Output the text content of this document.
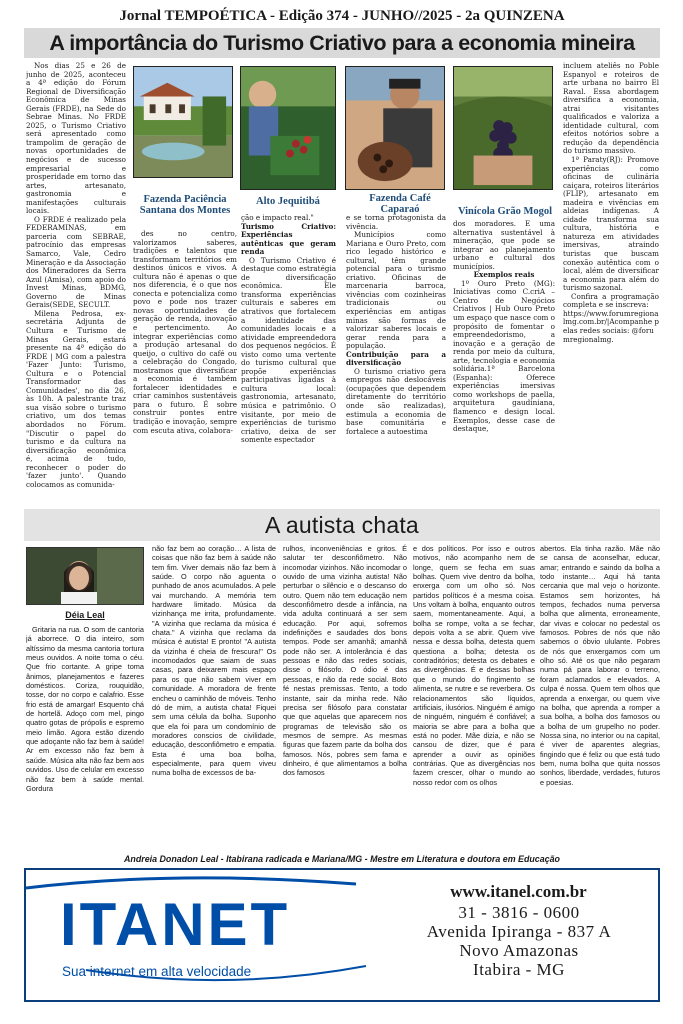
Jornal TEMPOÉTICA - Edição 374 - JUNHO//2025 - 2a QUINZENA
A importância do Turismo Criativo para a economia mineira

Nos dias 25 e 26 de junho de 2025, aconteceu a 4ª edição do Fórum Regional de Diversificação Econômica de Minas Gerais (FRDE), na Sede do Sebrae Minas. No FRDE 2025, o Turismo Criativo será apresentado como trampolim de geração de novas oportunidades de negócios e de sucesso empresarial e prosperidade em torno das artes, artesanato, gastronomia e manifestações culturais locais.

O FRDE é realizado pela FEDERAMINAS, em parceria com SEBRAE, patrocínio das empresas Samarco, Vale, Cedro Mineração e da Associação dos Mineradores da Serra Azul (Amisa), com apoio do Invest Minas, BDMG, Governo de Minas Gerais(SEDE, SECULT.

Milena Pedrosa, ex-secretária Adjunta de Cultura e Turismo de Minas Gerais, estará presente na 4ª edição do FRDE | MG com a palestra 'Fazer Junto: Turismo, Cultura e o Potencial Transformador das Comunidades', no dia 26, às 10h. A palestrante traz sua visão sobre o turismo criativo, um dos temas abordados no Fórum. "Discutir o papel do turismo e da cultura na diversificação econômica é, acima de tudo, reconhecer o poder do 'fazer junto'. Quando colocamos as comunida-

Fazenda Paciência Santana dos Montes
Alto Jequitibá	Fazenda Café Caparaó	Vinícola Grão Mogol

des no centro, valorizamos saberes, tradições e talentos que transformam territórios em destinos únicos e vivos. A cultura não é apenas o que nos diferencia, é o que nos conecta e potencializa como povo e pode nos trazer novas oportunidades de geração de renda, inovação e pertencimento. Ao integrar experiências como a produção artesanal do queijo, o cultivo do café ou a celebração do Congado, mostramos que diversificar a economia é também fortalecer identidades e criar caminhos sustentáveis para o futuro. É sobre construir pontes entre tradição e inovação, sempre com escuta ativa, colabora-

ção e impacto real."

Turismo Criativo: Experiências autênticas que geram renda

O Turismo Criativo é destaque como estratégia de diversificação econômica. Ele transforma experiências culturais e saberes em atrativos que fortalecem a identidade das comunidades locais e a atividade empreendedora dos pequenos negócios. É visto como uma vertente do turismo cultural que propõe experiências participativas ligadas à cultura local: gastronomia, artesanato, música e patrimônio. O visitante, por meio de experiências de turismo criativo, deixa de ser somente espectador

e se torna protagonista da vivência.

Municípios como Mariana e Ouro Preto, com rico legado histórico e cultural, têm grande potencial para o turismo criativo. Oficinas de marcenaria barroca, vivências com cozinheiras tradicionais ou experiências em antigas minas são formas de valorizar saberes locais e gerar renda para a população.

Contribuição para a diversificação

O turismo criativo gera empregos não deslocáveis (ocupações que dependem diretamente do território onde são realizadas), estimula a economia de base comunitária e fortalece a autoestima

dos moradores. É uma alternativa sustentável à mineração, que pode se integrar ao planejamento urbano e cultural dos municípios.

Exemplos reais

1º Ouro Preto (MG): Iniciativas como C.criA – Centro de Negócios Criativos | Hub Ouro Preto um espaço que nasce com o propósito de fomentar o empreendedorismo, a inovação e a geração de renda por meio da cultura, arte, tecnologia e economia solidária.1ª Barcelona (Espanha): Oferece experiências imersivas como workshops de paella, arquitetura gaudiniana, flamenco e design local. Exemplos, desse case de destaque,

incluem ateliês no Poble Espanyol e roteiros de arte urbana no bairro El Raval. Essa abordagem diversifica a economia, atrai visitantes qualificados e valoriza a identidade cultural, com efeitos notórios sobre a redução da dependência do turismo massivo.

1ª Paraty(RJ): Promove experiências como oficinas de culinária caiçara, roteiros literários (FLIP), artesanato em madeira e vivências em aldeias indígenas. A cidade transforma sua cultura, história e natureza em atividades imersivas, atraindo turistas que buscam conexão autêntica com o local, além de diversificar a economia para além do turismo sazonal.

Confira a programação completa e se inscreva:

https://www.forumregionalmg.com.br/|Acompanhe pelas redes sociais: @forumregionalmg.

A autista chata
Déia Leal

Gritaria na rua. O som de cantoria já aborrece. O dia inteiro, som altíssimo da mesma cantoria tortura meus ouvidos. A noite toma o céu. Que frio cortante. A gripe toma ânimos, planejamentos e fazeres domésticos. Coriza, rouquidão, tosse, dor no corpo e calafrio. Esse frio está de amargar! Esquento chá de hortelã. Adoço com mel, pingo quatro gotas de própolis e espremo meio limão. Agora estão dizendo que adoçante não faz bem à saúde! Ar em excesso não faz bem à saúde. Música alta não faz bem aos ouvidos. Uso de celular em excesso não faz bem à saúde mental. Gordura

não faz bem ao coração… A lista de coisas que não faz bem à saúde não tem fim. Viver demais não faz bem à saúde. O corpo não aguenta o punhado de anos acumulados. A pele vai murchando. A memória tem hardware limitado. Música da vizinhança me irrita, profundamente. "A vizinha que reclama da música é chata." A vizinha que reclama da música é autista! E pronto! "A autista da vizinha é cheia de frescura!" Os incomodados que saiam de suas casas, para deixarem mais espaço para os que não sabem viver em comunidade. A moradora de frente encheu o caminhão de móveis. Tenho dó de mim, a autista chata! Fiquei sem uma célula da bolha. Suponho que ela foi para um condomínio de moradores conscios de civilidade, educação, desconfiômetro e empatia. Esta é uma boa bolha, especialmente, para quem viveu numa bolha de excessos de ba-

rulhos, inconveniências e gritos. É salutar ter desconfiômetro. Não incomodar vizinhos. Não incomodar o ouvido de uma vizinha autista! Não perturbar o silêncio e o descanso do outro. Quem não tem educação nem desconfiômetro desde a infância, na vida adulta continuará a ser sem educação. Por aqui, sofremos indefinições e saudades dos bons tempos. Pode ser amanhã; amanhã pode não ser. A intolerância é das pessoas e não das redes sociais, disse o filósofo. O ódio é das pessoas, e não da rede social. Boto fé nestas premissas. Tento, a todo instante, sair da minha rede. Não precisa ser filósofo para constatar que que aquelas que aparecem nos programas de televisão são os mesmos de sempre. As mesmas figuras que fazem parte da bolha dos famosos. Nós, pobres sem fama e dinheiro, é que alimentamos a bolha dos famosos

e dos políticos. Por isso e outros motivos, não acompanho nem de longe, quem se fecha em suas bolhas. Quem vive dentro da bolha, enxerga com um olho só. Nos partidos políticos é a mesma coisa. Uns voltam à bolha, enquanto outros saem, momentaneamente. Aqui, a bolha se rompe, volta a se fechar, depois volta a se abrir. Quem vive nessa e dessa bolha, detesta quem questiona a bolha; detesta os contraditórios; detesta os debates e as divergências. É e dessas bolhas que o mundo do fingimento se alimenta, se nutre e se reverbera. Os relacionamentos são líquidos, artificiais, ilusórios. Ninguém é amigo de ninguém, ninguém é confiável; a maioria se abre para a bolha que está no poder. Mãe dizia, e não se cansou de dizer, que é para aprender a ouvir as opiniões contrárias. Que as divergências nos fazem crescer, olhar o mundo ao nosso redor com os olhos

abertos. Ela tinha razão. Mãe não se cansa de aconselhar, educar, amar; entrando e saindo da bolha a todo instante… Aqui há tanta cercania que mal vejo o horizonte. Estamos sem horizontes, há tempos, fechados numa perversa bolha que alimenta, erroneamente, dar vivas e colocar no pedestal os famosos. Pobres de nós que não sabemos o óbvio ululante. Pobres de nós que enxergamos com um olho só. Até os que não pegaram numa pá para laborar o terreno, foram aclamados e elevados. A culpa é nossa. Quem tem olhos que aprenda a enxergar, ou quem vive na bolha, que aprenda a romper a sua bolha, a bolha dos famosos ou a bolha de um grupelho no poder. Nossa sina, no interior ou na capital, é viver de aparentes alegrias, fingindo que é feliz ou que está tudo bem, numa bolha que quita nossos sonhos, liberdade, verdades, futuros e poesias.

Andreia Donadon Leal - Itabirana radicada e Mariana/MG - Mestre em Literatura e doutora em Educação
ITANET
Sua internet em alta velocidade
www.itanel.com.br
31 - 3816 - 0600
Avenida Ipiranga - 837 A
Novo Amazonas
Itabira - MG
